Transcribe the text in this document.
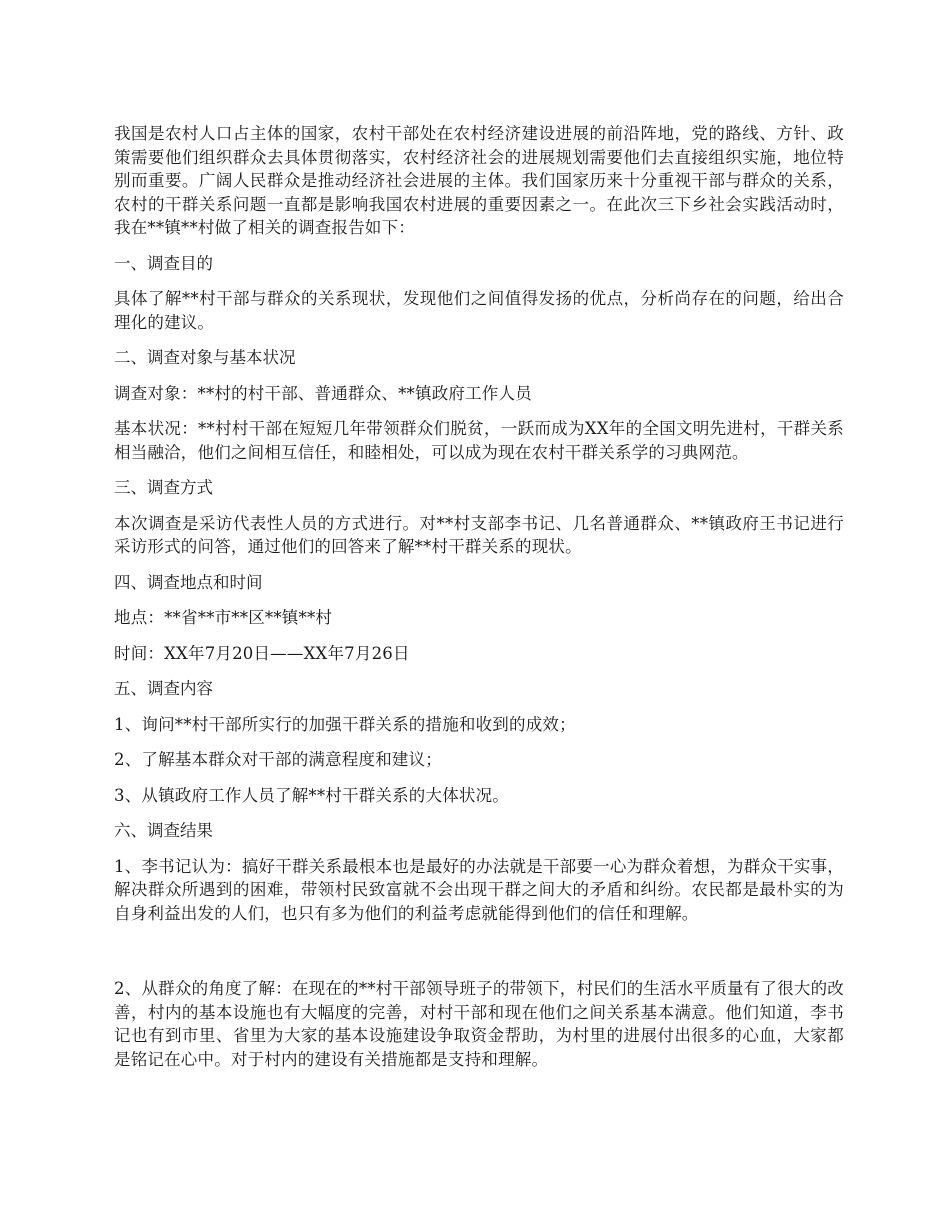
我国是农村人口占主体的国家，农村干部处在农村经济建设进展的前沿阵地，党的路线、方针、政策需要他们组织群众去具体贯彻落实，农村经济社会的进展规划需要他们去直接组织实施，地位特别而重要。广阔人民群众是推动经济社会进展的主体。我们国家历来十分重视干部与群众的关系，农村的干群关系问题一直都是影响我国农村进展的重要因素之一。在此次三下乡社会实践活动时，我在**镇**村做了相关的调查报告如下：

一、调查目的

具体了解**村干部与群众的关系现状，发现他们之间值得发扬的优点，分析尚存在的问题，给出合理化的建议。

二、调查对象与基本状况

调查对象：**村的村干部、普通群众、**镇政府工作人员

基本状况：**村村干部在短短几年带领群众们脱贫，一跃而成为XX年的全国文明先进村，干群关系相当融洽，他们之间相互信任，和睦相处，可以成为现在农村干群关系学的习典网范。

三、调查方式

本次调查是采访代表性人员的方式进行。对**村支部李书记、几名普通群众、**镇政府王书记进行采访形式的问答，通过他们的回答来了解**村干群关系的现状。

四、调查地点和时间

地点：**省**市**区**镇**村

时间：XX年7月20日——XX年7月26日

五、调查内容

1、询问**村干部所实行的加强干群关系的措施和收到的成效；

2、了解基本群众对干部的满意程度和建议；

3、从镇政府工作人员了解**村干群关系的大体状况。

六、调查结果

1、李书记认为：搞好干群关系最根本也是最好的办法就是干部要一心为群众着想，为群众干实事，解决群众所遇到的困难，带领村民致富就不会出现干群之间大的矛盾和纠纷。农民都是最朴实的为自身利益出发的人们，也只有多为他们的利益考虑就能得到他们的信任和理解。

2、从群众的角度了解：在现在的**村干部领导班子的带领下，村民们的生活水平质量有了很大的改善，村内的基本设施也有大幅度的完善，对村干部和现在他们之间关系基本满意。他们知道，李书记也有到市里、省里为大家的基本设施建设争取资金帮助，为村里的进展付出很多的心血，大家都是铭记在心中。对于村内的建设有关措施都是支持和理解。
